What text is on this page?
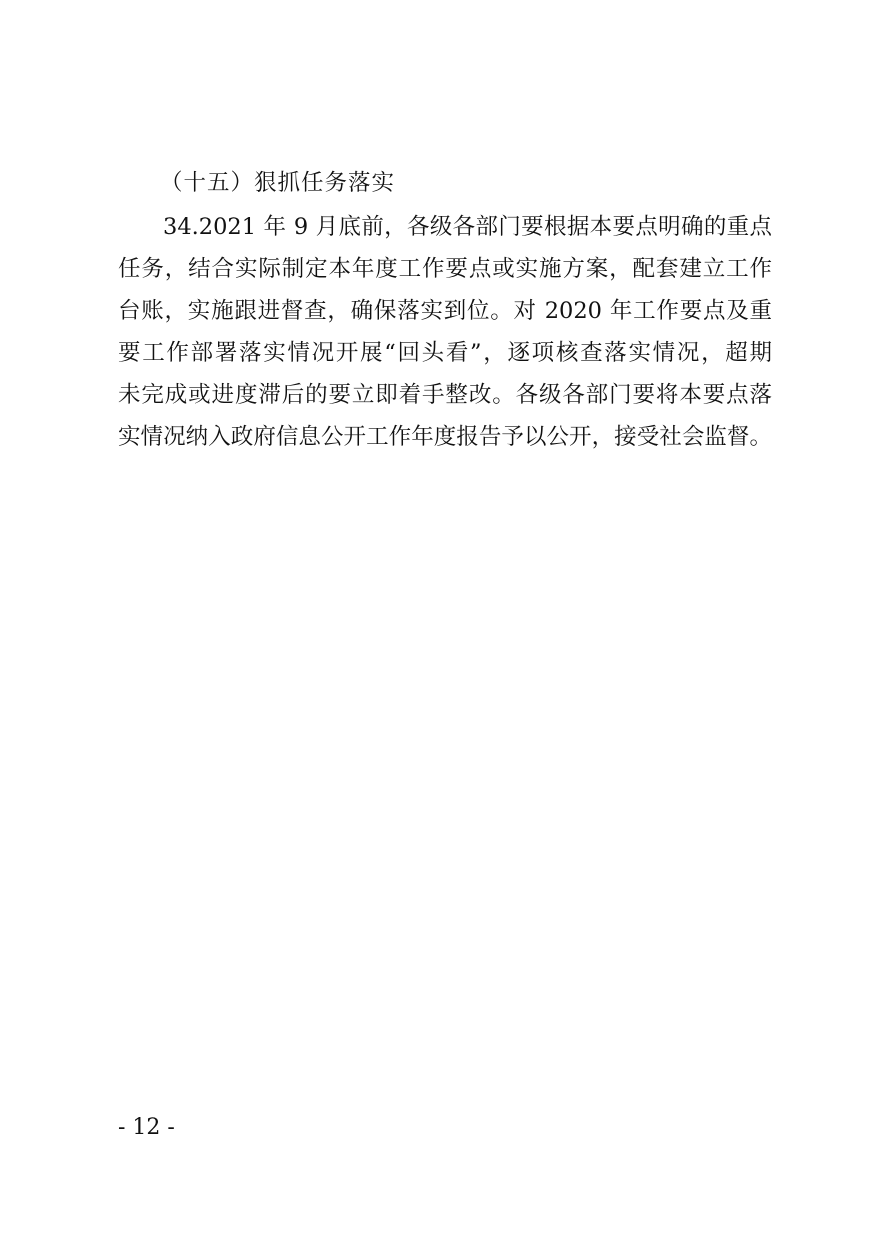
（十五）狠抓任务落实
34.2021 年 9 月底前，各级各部门要根据本要点明确的重点
任务，结合实际制定本年度工作要点或实施方案，配套建立工作
台账，实施跟进督查，确保落实到位。对 2020 年工作要点及重
要工作部署落实情况开展“回头看”，逐项核查落实情况，超期
未完成或进度滞后的要立即着手整改。各级各部门要将本要点落
实情况纳入政府信息公开工作年度报告予以公开，接受社会监督。
- 12 -
